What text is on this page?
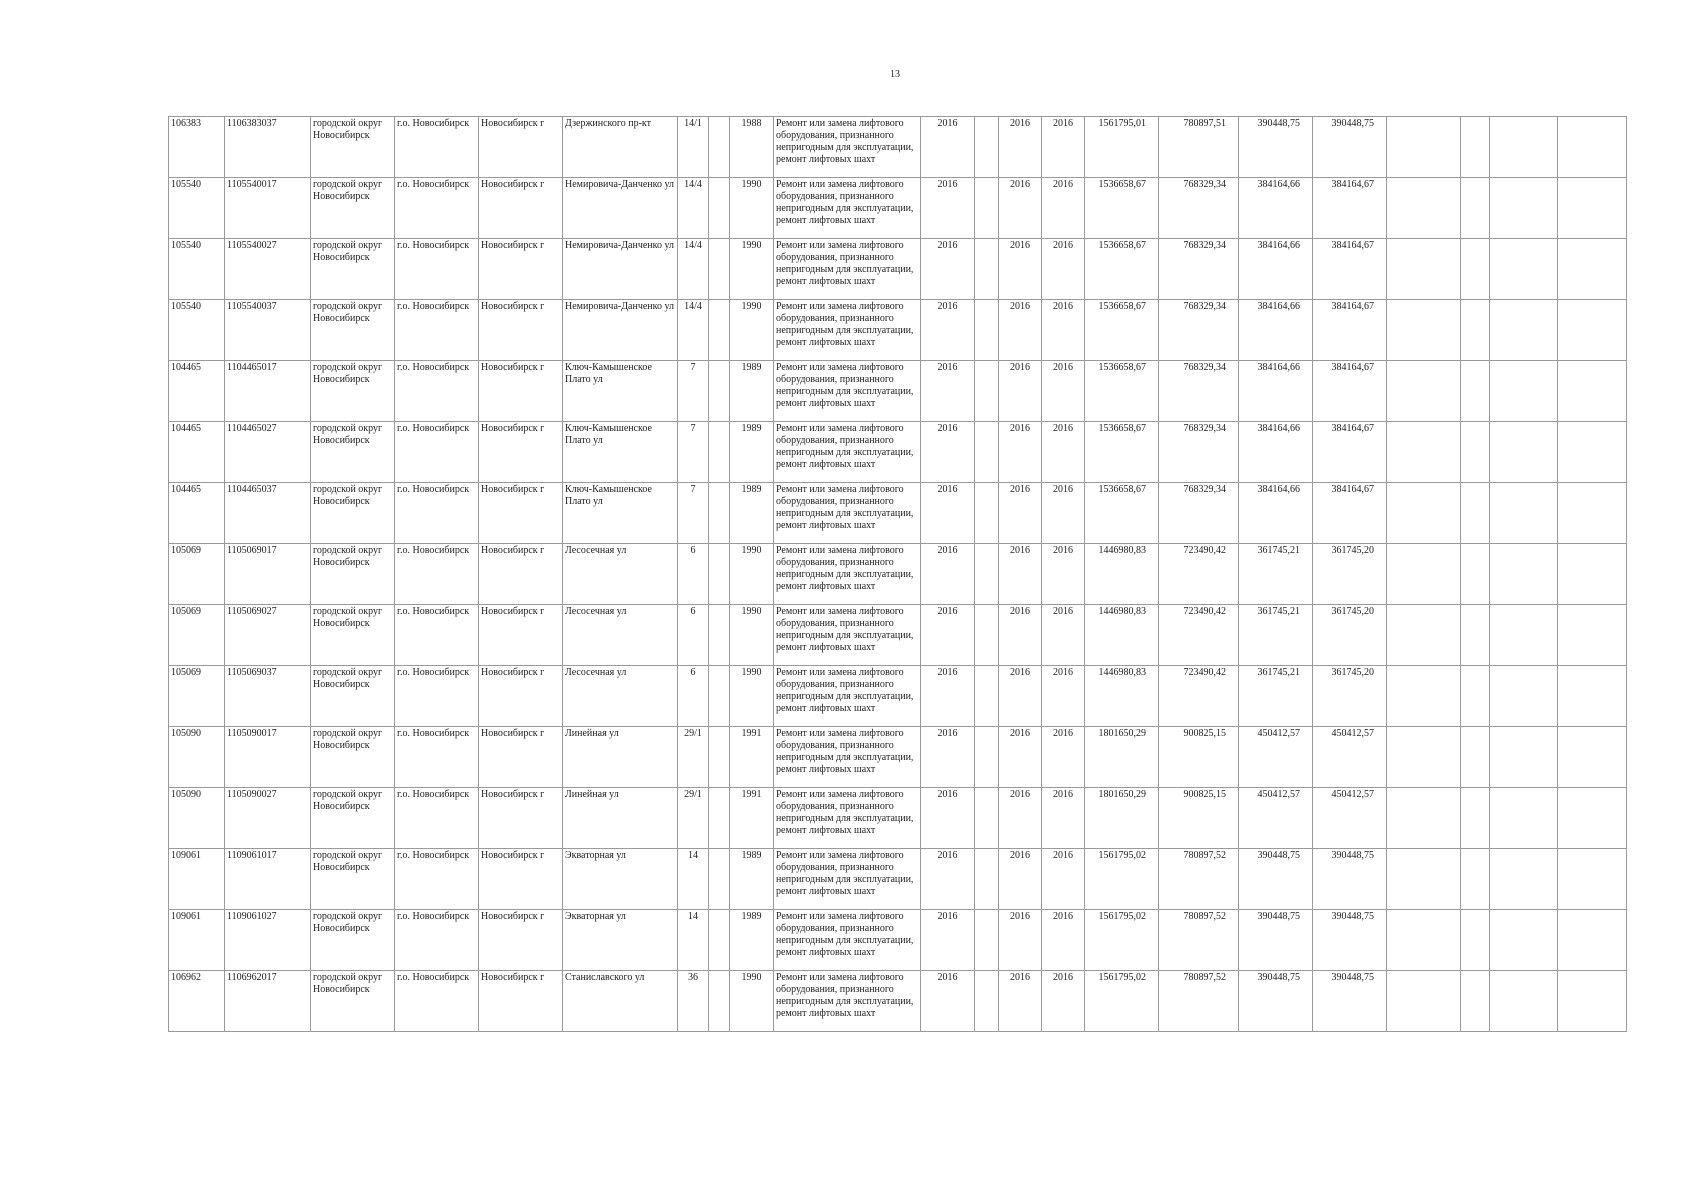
13
106383	1106383037	городской округ Новосибирск	г.о. Новосибирск	Новосибирск г	Дзержинского пр-кт	14/1		1988	Ремонт или замена лифтового оборудования, признанного непригодным для эксплуатации, ремонт лифтовых шахт	2016		2016	2016	1561795,01	780897,51	390448,75	390448,75				
105540	1105540017	городской округ Новосибирск	г.о. Новосибирск	Новосибирск г	Немировича-Данченко ул	14/4		1990	Ремонт или замена лифтового оборудования, признанного непригодным для эксплуатации, ремонт лифтовых шахт	2016		2016	2016	1536658,67	768329,34	384164,66	384164,67				
105540	1105540027	городской округ Новосибирск	г.о. Новосибирск	Новосибирск г	Немировича-Данченко ул	14/4		1990	Ремонт или замена лифтового оборудования, признанного непригодным для эксплуатации, ремонт лифтовых шахт	2016		2016	2016	1536658,67	768329,34	384164,66	384164,67				
105540	1105540037	городской округ Новосибирск	г.о. Новосибирск	Новосибирск г	Немировича-Данченко ул	14/4		1990	Ремонт или замена лифтового оборудования, признанного непригодным для эксплуатации, ремонт лифтовых шахт	2016		2016	2016	1536658,67	768329,34	384164,66	384164,67				
104465	1104465017	городской округ Новосибирск	г.о. Новосибирск	Новосибирск г	Ключ-Камышенское Плато ул	7		1989	Ремонт или замена лифтового оборудования, признанного непригодным для эксплуатации, ремонт лифтовых шахт	2016		2016	2016	1536658,67	768329,34	384164,66	384164,67				
104465	1104465027	городской округ Новосибирск	г.о. Новосибирск	Новосибирск г	Ключ-Камышенское Плато ул	7		1989	Ремонт или замена лифтового оборудования, признанного непригодным для эксплуатации, ремонт лифтовых шахт	2016		2016	2016	1536658,67	768329,34	384164,66	384164,67				
104465	1104465037	городской округ Новосибирск	г.о. Новосибирск	Новосибирск г	Ключ-Камышенское Плато ул	7		1989	Ремонт или замена лифтового оборудования, признанного непригодным для эксплуатации, ремонт лифтовых шахт	2016		2016	2016	1536658,67	768329,34	384164,66	384164,67				
105069	1105069017	городской округ Новосибирск	г.о. Новосибирск	Новосибирск г	Лесосечная ул	6		1990	Ремонт или замена лифтового оборудования, признанного непригодным для эксплуатации, ремонт лифтовых шахт	2016		2016	2016	1446980,83	723490,42	361745,21	361745,20				
105069	1105069027	городской округ Новосибирск	г.о. Новосибирск	Новосибирск г	Лесосечная ул	6		1990	Ремонт или замена лифтового оборудования, признанного непригодным для эксплуатации, ремонт лифтовых шахт	2016		2016	2016	1446980,83	723490,42	361745,21	361745,20				
105069	1105069037	городской округ Новосибирск	г.о. Новосибирск	Новосибирск г	Лесосечная ул	6		1990	Ремонт или замена лифтового оборудования, признанного непригодным для эксплуатации, ремонт лифтовых шахт	2016		2016	2016	1446980,83	723490,42	361745,21	361745,20				
105090	1105090017	городской округ Новосибирск	г.о. Новосибирск	Новосибирск г	Линейная ул	29/1		1991	Ремонт или замена лифтового оборудования, признанного непригодным для эксплуатации, ремонт лифтовых шахт	2016		2016	2016	1801650,29	900825,15	450412,57	450412,57				
105090	1105090027	городской округ Новосибирск	г.о. Новосибирск	Новосибирск г	Линейная ул	29/1		1991	Ремонт или замена лифтового оборудования, признанного непригодным для эксплуатации, ремонт лифтовых шахт	2016		2016	2016	1801650,29	900825,15	450412,57	450412,57				
109061	1109061017	городской округ Новосибирск	г.о. Новосибирск	Новосибирск г	Экваторная ул	14		1989	Ремонт или замена лифтового оборудования, признанного непригодным для эксплуатации, ремонт лифтовых шахт	2016		2016	2016	1561795,02	780897,52	390448,75	390448,75				
109061	1109061027	городской округ Новосибирск	г.о. Новосибирск	Новосибирск г	Экваторная ул	14		1989	Ремонт или замена лифтового оборудования, признанного непригодным для эксплуатации, ремонт лифтовых шахт	2016		2016	2016	1561795,02	780897,52	390448,75	390448,75				
106962	1106962017	городской округ Новосибирск	г.о. Новосибирск	Новосибирск г	Станиславского ул	36		1990	Ремонт или замена лифтового оборудования, признанного непригодным для эксплуатации, ремонт лифтовых шахт	2016		2016	2016	1561795,02	780897,52	390448,75	390448,75				
